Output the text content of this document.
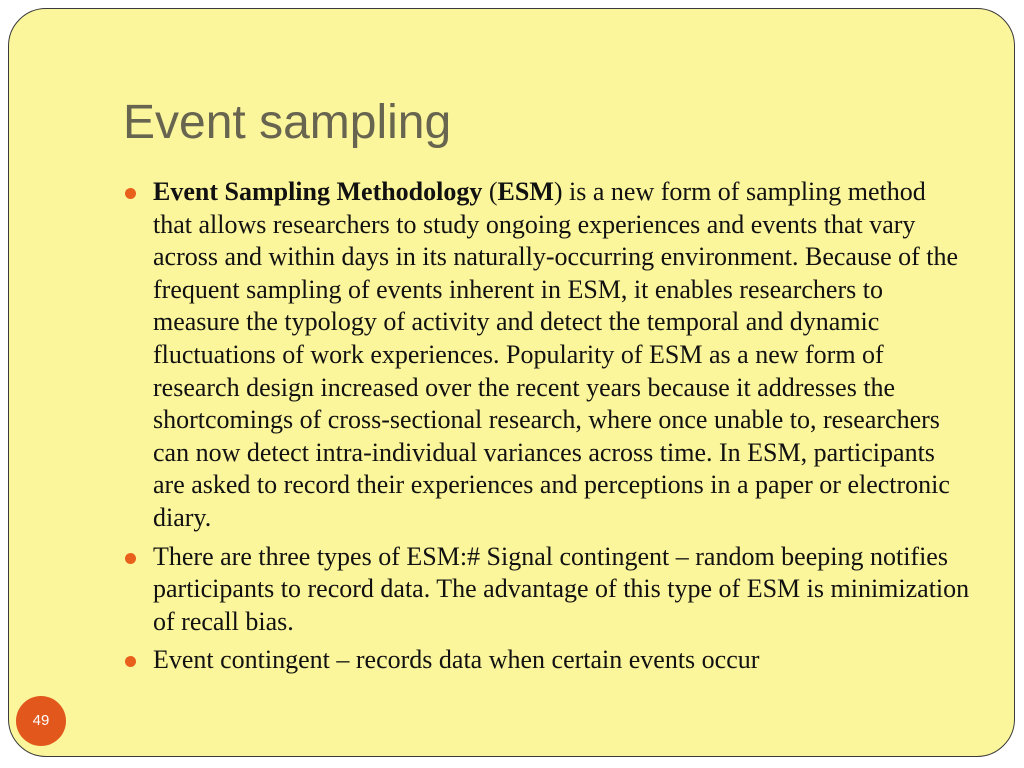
Event sampling
Event Sampling Methodology (ESM) is a new form of sampling method that allows researchers to study ongoing experiences and events that vary across and within days in its naturally-occurring environment. Because of the frequent sampling of events inherent in ESM, it enables researchers to measure the typology of activity and detect the temporal and dynamic fluctuations of work experiences. Popularity of ESM as a new form of research design increased over the recent years because it addresses the shortcomings of cross-sectional research, where once unable to, researchers can now detect intra-individual variances across time. In ESM, participants are asked to record their experiences and perceptions in a paper or electronic diary.
There are three types of ESM:# Signal contingent – random beeping notifies participants to record data. The advantage of this type of ESM is minimization of recall bias.
Event contingent – records data when certain events occur
49
